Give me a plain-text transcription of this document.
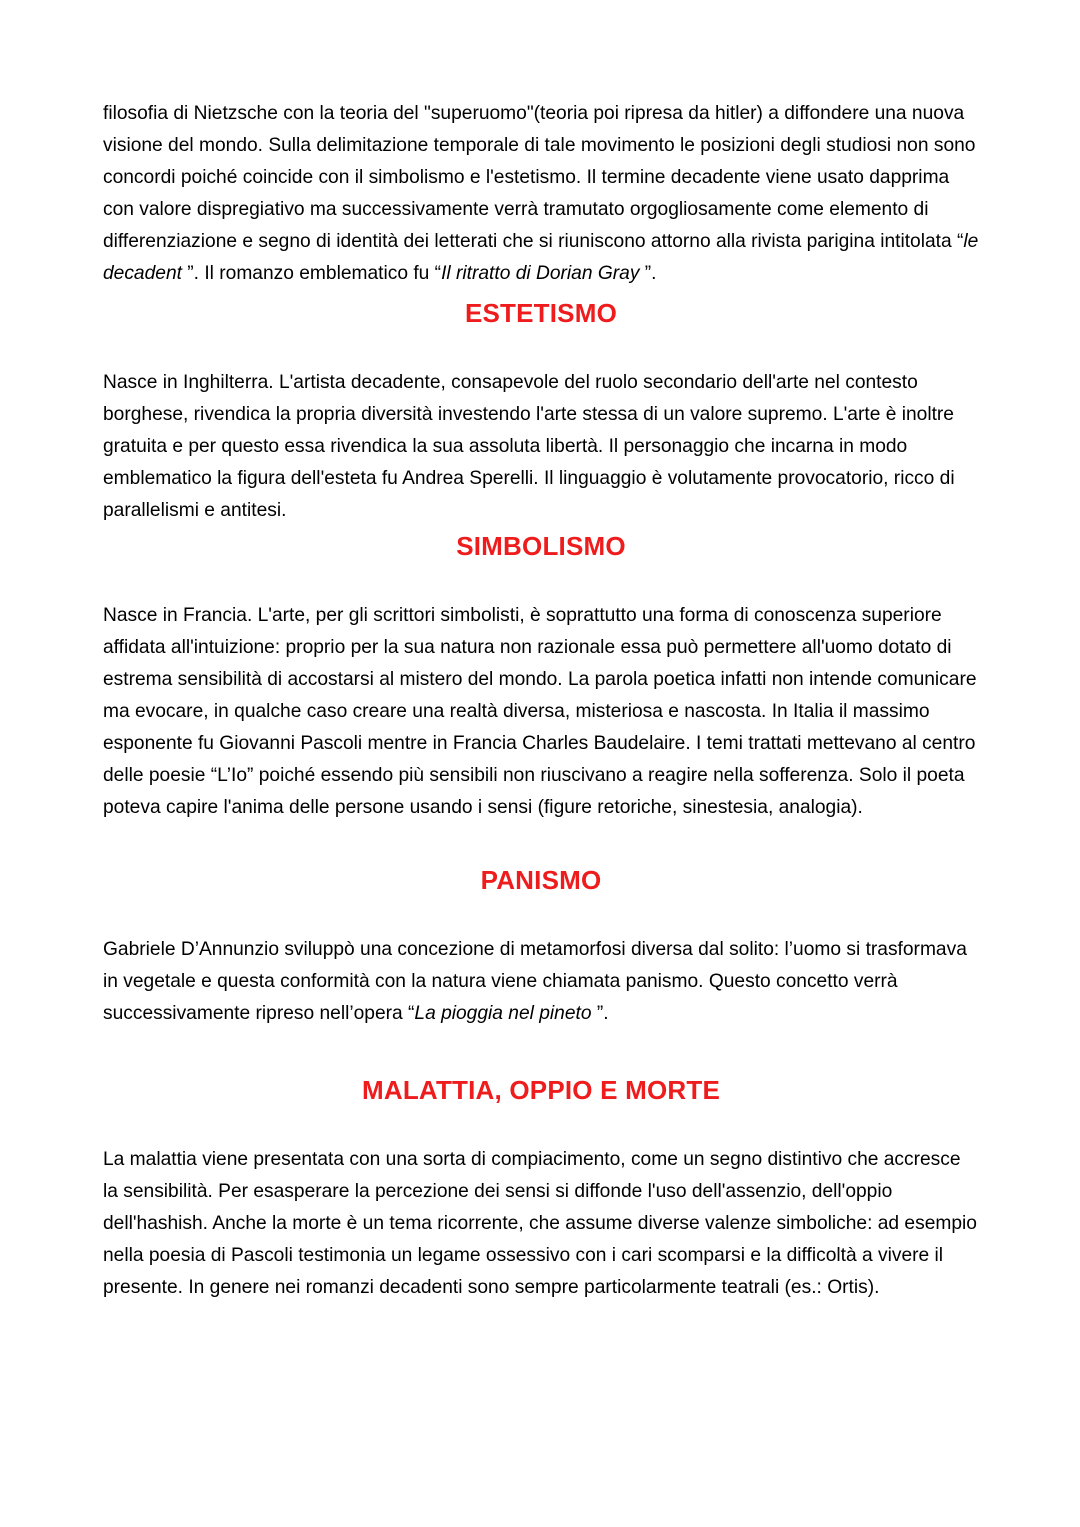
filosofia di Nietzsche con la teoria del "superuomo"(teoria poi ripresa da hitler) a diffondere una nuova visione del mondo. Sulla delimitazione temporale di tale movimento le posizioni degli studiosi non sono concordi poiché coincide con il simbolismo e l'estetismo. Il termine decadente viene usato dapprima con valore dispregiativo ma successivamente verrà tramutato orgogliosamente come elemento di differenziazione e segno di identità dei letterati che si riuniscono attorno alla rivista parigina intitolata “le decadent ”. Il romanzo emblematico fu “Il ritratto di Dorian Gray ”.

ESTETISMO

Nasce in Inghilterra. L'artista decadente, consapevole del ruolo secondario dell'arte nel contesto borghese, rivendica la propria diversità investendo l'arte stessa di un valore supremo. L'arte è inoltre gratuita e per questo essa rivendica la sua assoluta libertà. Il personaggio che incarna in modo emblematico la figura dell'esteta fu Andrea Sperelli. Il linguaggio è volutamente provocatorio, ricco di parallelismi e antitesi.

SIMBOLISMO

Nasce in Francia. L'arte, per gli scrittori simbolisti, è soprattutto una forma di conoscenza superiore affidata all'intuizione: proprio per la sua natura non razionale essa può permettere all'uomo dotato di estrema sensibilità di accostarsi al mistero del mondo. La parola poetica infatti non intende comunicare ma evocare, in qualche caso creare una realtà diversa, misteriosa e nascosta. In Italia il massimo esponente fu Giovanni Pascoli mentre in Francia Charles Baudelaire. I temi trattati mettevano al centro delle poesie “L’Io” poiché essendo più sensibili non riuscivano a reagire nella sofferenza. Solo il poeta poteva capire l'anima delle persone usando i sensi (figure retoriche, sinestesia, analogia).

PANISMO

Gabriele D’Annunzio sviluppò una concezione di metamorfosi diversa dal solito: l’uomo si trasformava in vegetale e questa conformità con la natura viene chiamata panismo. Questo concetto verrà successivamente ripreso nell’opera “La pioggia nel pineto ”.

MALATTIA, OPPIO E MORTE

La malattia viene presentata con una sorta di compiacimento, come un segno distintivo che accresce la sensibilità. Per esasperare la percezione dei sensi si diffonde l'uso dell'assenzio, dell'oppio dell'hashish. Anche la morte è un tema ricorrente, che assume diverse valenze simboliche: ad esempio nella poesia di Pascoli testimonia un legame ossessivo con i cari scomparsi e la difficoltà a vivere il presente. In genere nei romanzi decadenti sono sempre particolarmente teatrali (es.: Ortis).
